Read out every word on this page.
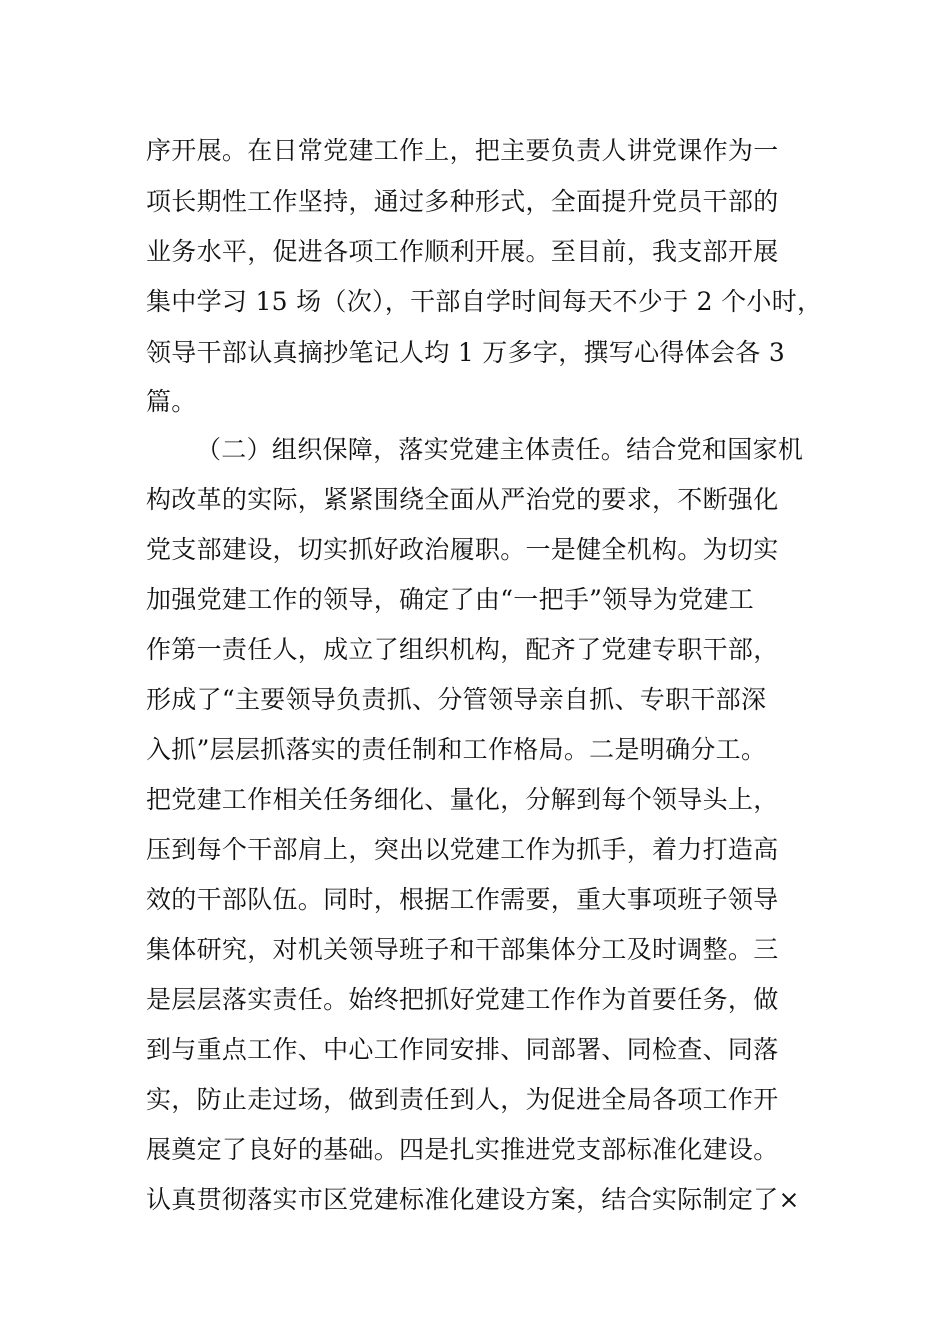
序开展。在日常党建工作上，把主要负责人讲党课作为一
项长期性工作坚持，通过多种形式，全面提升党员干部的
业务水平，促进各项工作顺利开展。至目前，我支部开展
集中学习 15 场（次），干部自学时间每天不少于 2 个小时，
领导干部认真摘抄笔记人均 1 万多字，撰写心得体会各 3
篇。
（二）组织保障，落实党建主体责任。结合党和国家机
构改革的实际，紧紧围绕全面从严治党的要求，不断强化
党支部建设，切实抓好政治履职。一是健全机构。为切实
加强党建工作的领导，确定了由“一把手”领导为党建工
作第一责任人，成立了组织机构，配齐了党建专职干部，
形成了“主要领导负责抓、分管领导亲自抓、专职干部深
入抓”层层抓落实的责任制和工作格局。二是明确分工。
把党建工作相关任务细化、量化，分解到每个领导头上，
压到每个干部肩上，突出以党建工作为抓手，着力打造高
效的干部队伍。同时，根据工作需要，重大事项班子领导
集体研究，对机关领导班子和干部集体分工及时调整。三
是层层落实责任。始终把抓好党建工作作为首要任务，做
到与重点工作、中心工作同安排、同部署、同检查、同落
实，防止走过场，做到责任到人，为促进全局各项工作开
展奠定了良好的基础。四是扎实推进党支部标准化建设。
认真贯彻落实市区党建标准化建设方案，结合实际制定了×
